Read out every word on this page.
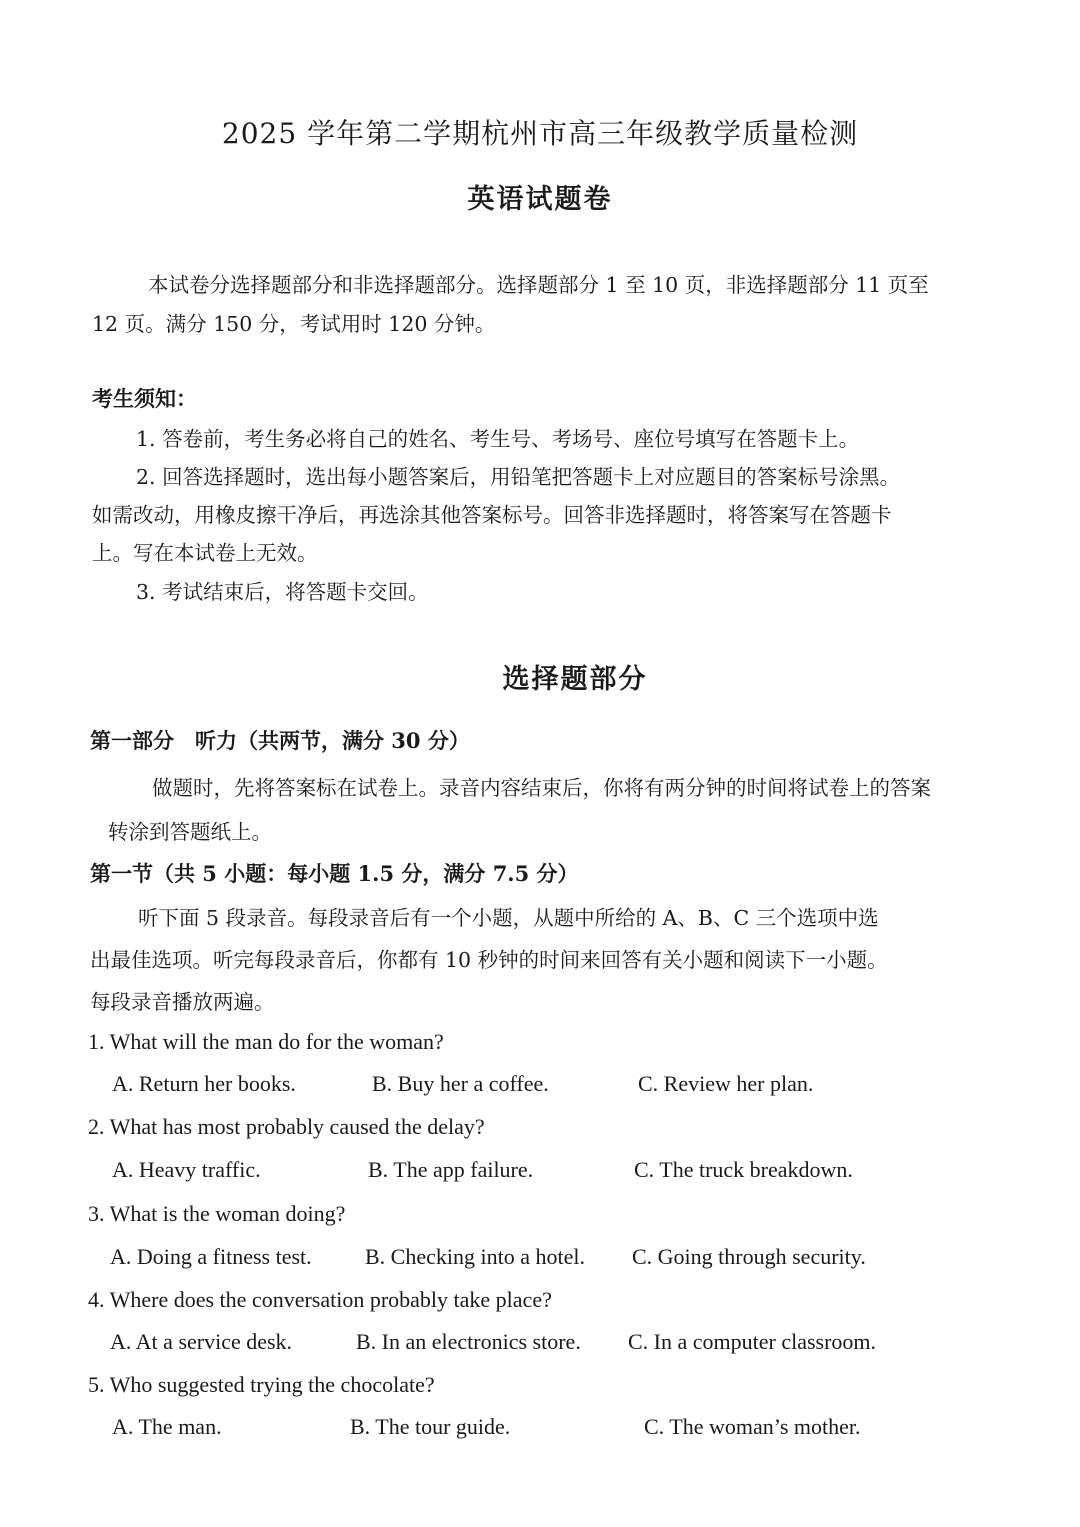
2025 学年第二学期杭州市高三年级教学质量检测
英语试题卷
本试卷分选择题部分和非选择题部分。选择题部分 1 至 10 页，非选择题部分 11 页至
12 页。满分 150 分，考试用时 120 分钟。
考生须知：
1. 答卷前，考生务必将自己的姓名、考生号、考场号、座位号填写在答题卡上。
2. 回答选择题时，选出每小题答案后，用铅笔把答题卡上对应题目的答案标号涂黑。
如需改动，用橡皮擦干净后，再选涂其他答案标号。回答非选择题时，将答案写在答题卡
上。写在本试卷上无效。
3. 考试结束后，将答题卡交回。
选择题部分
第一部分　听力（共两节，满分 30 分）
做题时，先将答案标在试卷上。录音内容结束后，你将有两分钟的时间将试卷上的答案
转涂到答题纸上。
第一节（共 5 小题：每小题 1.5 分，满分 7.5 分）
听下面 5 段录音。每段录音后有一个小题，从题中所给的 A、B、C 三个选项中选
出最佳选项。听完每段录音后，你都有 10 秒钟的时间来回答有关小题和阅读下一小题。
每段录音播放两遍。
1. What will the man do for the woman?
A. Return her books.	B. Buy her a coffee.	C. Review her plan.
2. What has most probably caused the delay?
A. Heavy traffic.	B. The app failure.	C. The truck breakdown.
3. What is the woman doing?
A. Doing a fitness test. B. Checking into a hotel. C. Going through security.
4. Where does the conversation probably take place?
A. At a service desk.	B. In an electronics store. C. In a computer classroom.
5. Who suggested trying the chocolate?
A. The man.	B. The tour guide.	C. The woman’s mother.
